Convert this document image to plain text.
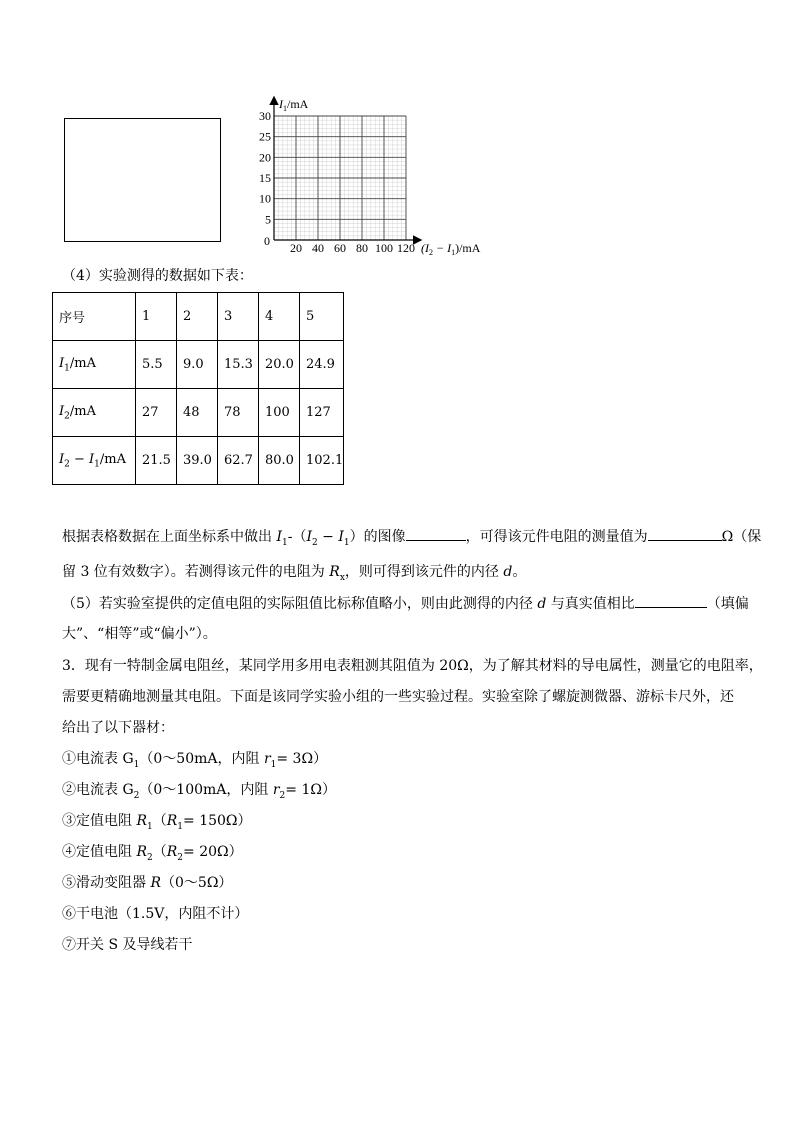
$I_1/mA$
$(I_2 - I_1)/mA$
0 20 40 60 80 100 120
30
25
20
15
10
5
（4）实验测得的数据如下表：
序号	1	2	3	4	5
$I_1/mA$	5.5	9.0	15.3	20.0	24.9
$I_2/mA$	27	48	78	100	127
$I_2 - I_1/mA$	21.5	39.0	62.7	80.0	102.1
根据表格数据在上面坐标系中做出 $I_1-(I_2 - I_1)$的图像	，可得该元件电阻的测量值为	Ω（保
留 3 位有效数字）。若测得该元件的电阻为 $R_x$，则可得到该元件的内径 d。
（5）若实验室提供的定值电阻的实际阻值比标称值略小，则由此测得的内径 d 与真实值相比	（填偏
大”、“相等”或“偏小”）。
3．现有一特制金属电阻丝，某同学用多用电表粗测其阻值为 20Ω，为了解其材料的导电属性，测量它的电阻率，
需要更精确地测量其电阻。下面是该同学实验小组的一些实验过程。实验室除了螺旋测微器、游标卡尺外，还
给出了以下器材：
①电流表 $G_1(0\sim 50mA$，内阻 $r_1= 3\Omega$）
②电流表 $G_2(0\sim 100mA$，内阻 $r_2= 1\Omega$）
③定值电阻 $R_1(R_1= 150\Omega)$
④定值电阻 $R_2(R_2= 20\Omega)$
⑤滑动变阻器 R（0～5Ω）
⑥干电池（1.5V，内阻不计）
⑦开关 S 及导线若干
